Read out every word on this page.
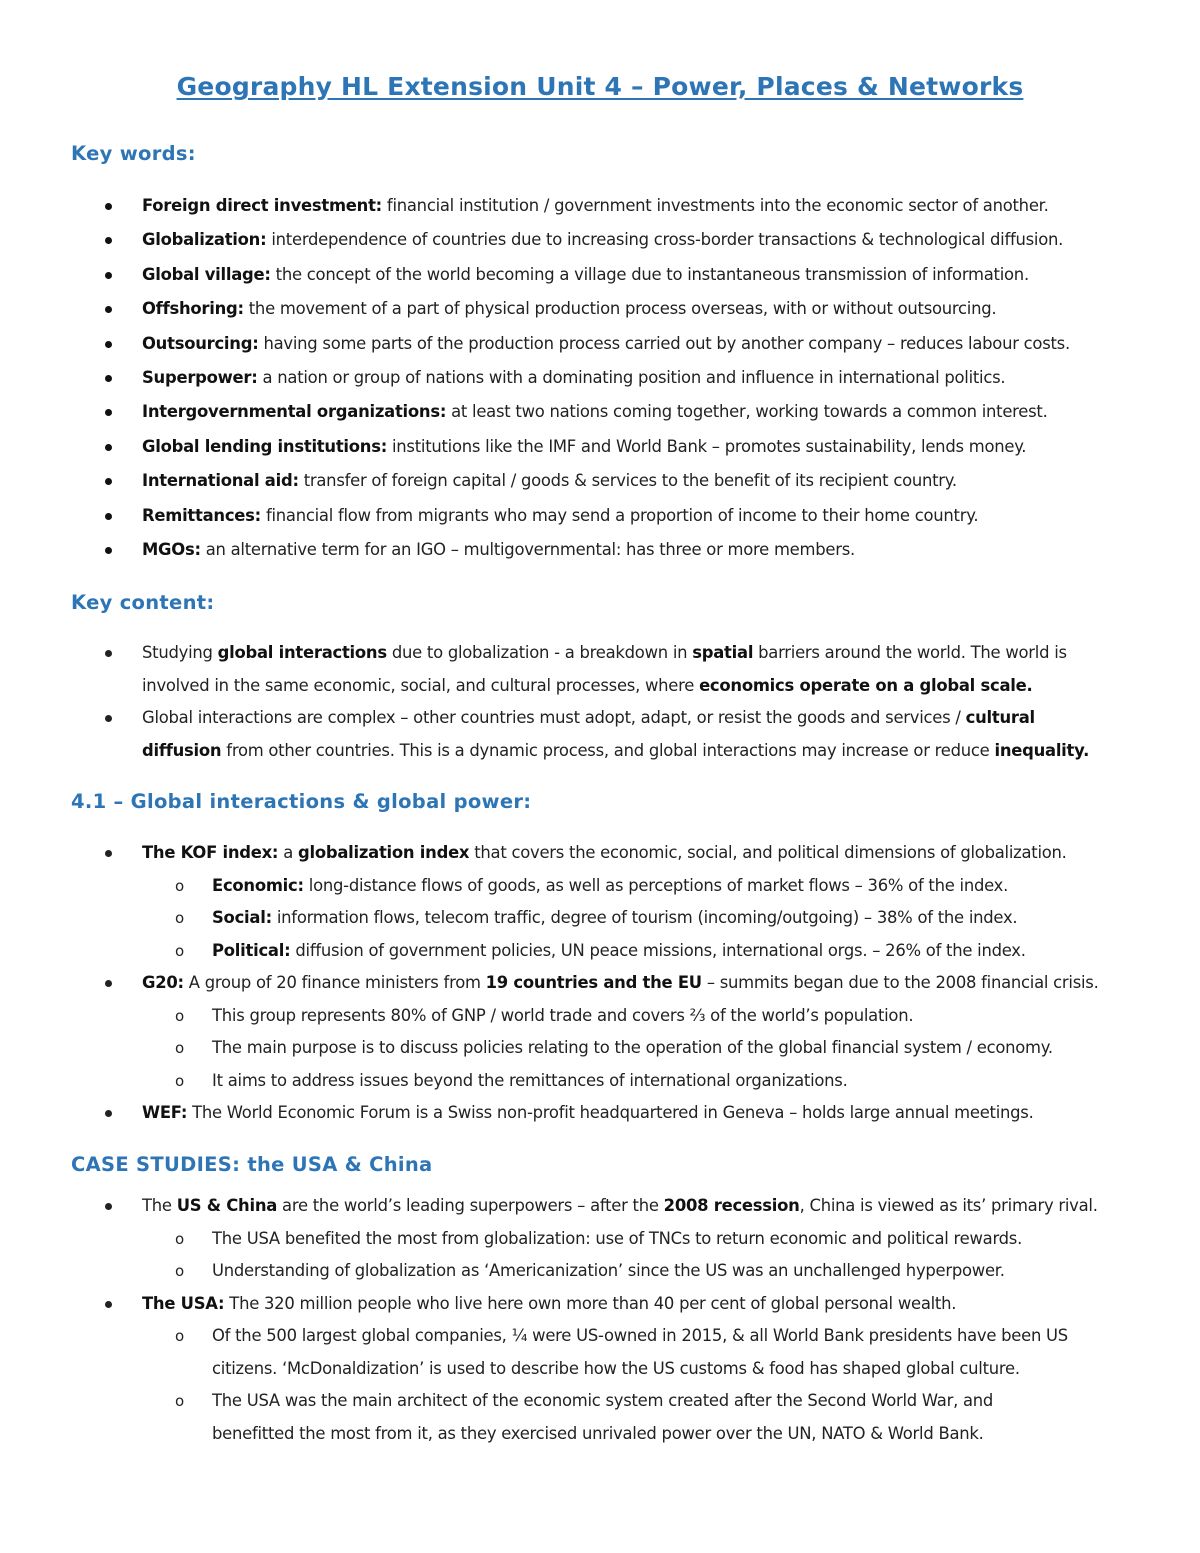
Geography HL Extension Unit 4 – Power, Places & Networks
Key words:
Foreign direct investment: financial institution / government investments into the economic sector of another.
Globalization: interdependence of countries due to increasing cross-border transactions & technological diffusion.
Global village: the concept of the world becoming a village due to instantaneous transmission of information.
Offshoring: the movement of a part of physical production process overseas, with or without outsourcing.
Outsourcing: having some parts of the production process carried out by another company – reduces labour costs.
Superpower: a nation or group of nations with a dominating position and influence in international politics.
Intergovernmental organizations: at least two nations coming together, working towards a common interest.
Global lending institutions: institutions like the IMF and World Bank – promotes sustainability, lends money.
International aid: transfer of foreign capital / goods & services to the benefit of its recipient country.
Remittances: financial flow from migrants who may send a proportion of income to their home country.
MGOs: an alternative term for an IGO – multigovernmental: has three or more members.
Key content:
Studying global interactions due to globalization - a breakdown in spatial barriers around the world. The world is
involved in the same economic, social, and cultural processes, where economics operate on a global scale.
Global interactions are complex – other countries must adopt, adapt, or resist the goods and services / cultural
diffusion from other countries. This is a dynamic process, and global interactions may increase or reduce inequality.
4.1 – Global interactions & global power:
The KOF index: a globalization index that covers the economic, social, and political dimensions of globalization.
o Economic: long-distance flows of goods, as well as perceptions of market flows – 36% of the index.
o Social: information flows, telecom traffic, degree of tourism (incoming/outgoing) – 38% of the index.
o Political: diffusion of government policies, UN peace missions, international orgs. – 26% of the index.
G20: A group of 20 finance ministers from 19 countries and the EU – summits began due to the 2008 financial crisis.
o This group represents 80% of GNP / world trade and covers ⅔ of the world’s population.
o The main purpose is to discuss policies relating to the operation of the global financial system / economy.
o It aims to address issues beyond the remittances of international organizations.
WEF: The World Economic Forum is a Swiss non-profit headquartered in Geneva – holds large annual meetings.
CASE STUDIES: the USA & China
The US & China are the world’s leading superpowers – after the 2008 recession, China is viewed as its’ primary rival.
o The USA benefited the most from globalization: use of TNCs to return economic and political rewards.
o Understanding of globalization as ‘Americanization’ since the US was an unchallenged hyperpower.
The USA: The 320 million people who live here own more than 40 per cent of global personal wealth.
o Of the 500 largest global companies, ¼ were US-owned in 2015, & all World Bank presidents have been US
citizens. ‘McDonaldization’ is used to describe how the US customs & food has shaped global culture.
o The USA was the main architect of the economic system created after the Second World War, and
benefitted the most from it, as they exercised unrivaled power over the UN, NATO & World Bank.
